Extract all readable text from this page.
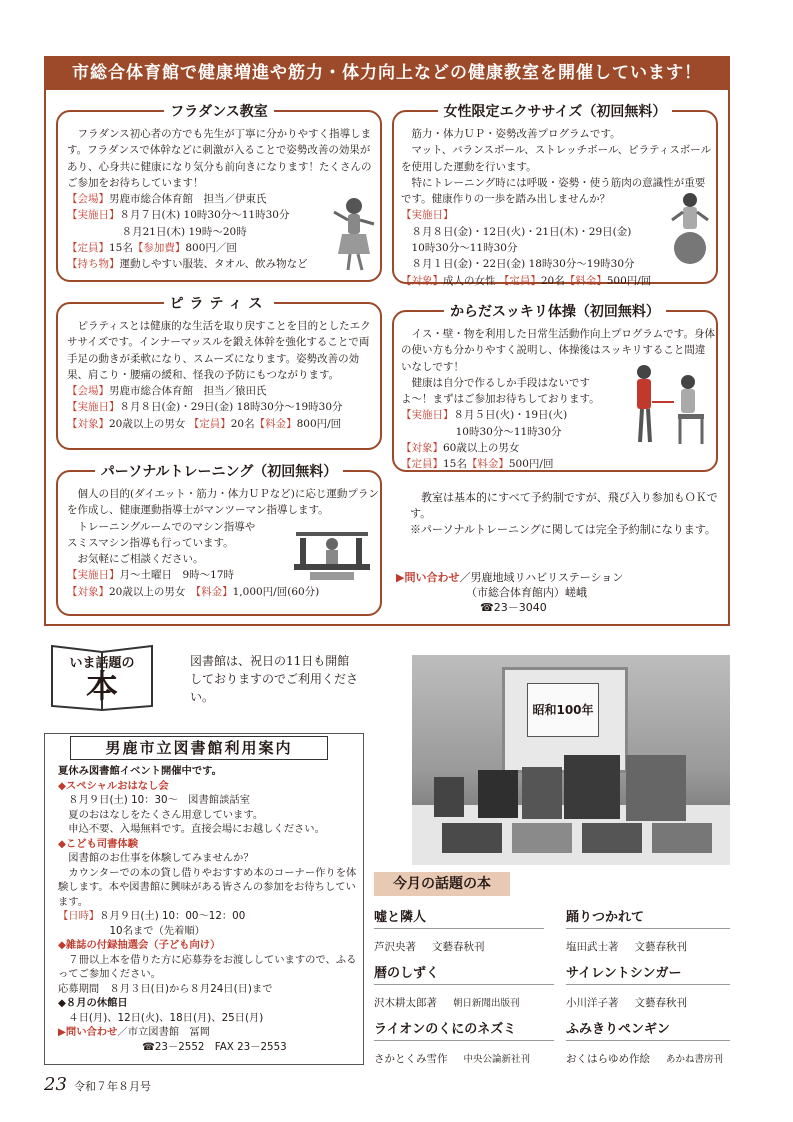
市総合体育館で健康増進や筋力・体力向上などの健康教室を開催しています！
フラダンス教室

フラダンス初心者の方でも先生が丁寧に分かりやすく指導します。フラダンスで体幹などに刺激が入ることで姿勢改善の効果があり、心身共に健康になり気分も前向きになります！たくさんのご参加をお待ちしています！

【会場】男鹿市総合体育館　担当／伊東氏

【実施日】８月７日(木) 10時30分～11時30分

８月21日(木) 19時～20時

【定員】15名【参加費】800円／回

【持ち物】運動しやすい服装、タオル、飲み物など

ピラティス

ピラティスとは健康的な生活を取り戻すことを目的としたエクササイズです。インナーマッスルを鍛え体幹を強化することで両手足の動きが柔軟になり、スムーズになります。姿勢改善の効果、肩こり・腰痛の緩和、怪我の予防にもつながります。

【会場】男鹿市総合体育館　担当／猿田氏

【実施日】８月８日(金)・29日(金) 18時30分～19時30分

【対象】20歳以上の男女 【定員】20名【料金】800円/回

パーソナルトレーニング（初回無料）

個人の目的(ダイエット・筋力・体力ＵＰなど)に応じ運動プランを作成し、健康運動指導士がマンツーマン指導します。

トレーニングルームでのマシン指導や

スミスマシン指導も行っています。

お気軽にご相談ください。

【実施日】月～土曜日　9時～17時

【対象】20歳以上の男女　 【料金】1,000円/回(60分)

女性限定エクササイズ（初回無料）

筋力・体力ＵＰ・姿勢改善プログラムです。

マット、バランスボール、ストレッチボール、ピラティスボールを使用した運動を行います。

特にトレーニング時には呼吸・姿勢・使う筋肉の意識性が重要です。健康作りの一歩を踏み出しませんか？

【実施日】

８月８日(金)・12日(火)・21日(木)・29日(金)

10時30分～11時30分

８月１日(金)・22日(金) 18時30分～19時30分

【対象】成人の女性 【定員】20名【料金】500円/回

からだスッキリ体操（初回無料）

イス・壁・物を利用した日常生活動作向上プログラムです。身体の使い方も分かりやすく説明し、体操後はスッキリすること間違いなしです！

健康は自分で作るしか手段はないです

よ～！まずはご参加お待ちしております。

【実施日】８月５日(火)・19日(火)

10時30分～11時30分

【対象】60歳以上の男女

【定員】15名【料金】500円/回

教室は基本的にすべて予約制ですが、飛び入り参加もＯＫです。

※パーソナルトレーニングに関しては完全予約制になります。

▶問い合わせ／男鹿地域リハビリステーション
（市総合体育館内）嵯峨
☎23－3040
いま話題の
本
図書館は、祝日の11日も開館しておりますのでご利用ください。
男鹿市立図書館利用案内

夏休み図書館イベント開催中です。

◆スペシャルおはなし会

８月９日(土) 10：30～　図書館談話室

夏のおはなしをたくさん用意しています。

申込不要、入場無料です。直接会場にお越しください。

◆こども司書体験

図書館のお仕事を体験してみませんか？

カウンターでの本の貸し借りやおすすめ本のコーナー作りを体験します。本や図書館に興味がある皆さんの参加をお待ちしています。

【日時】８月９日(土) 10：00～12：00

10名まで（先着順）

◆雑誌の付録抽選会（子ども向け）

７冊以上本を借りた方に応募券をお渡ししていますので、ふるってご参加ください。

応募期間　８月３日(日)から８月24日(日)まで

◆８月の休館日

４日(月)、12日(火)、18日(月)、25日(月)

▶問い合わせ／市立図書館　冨岡

☎23－2552　FAX 23－2553

昭和100年
今月の話題の本
嘘と隣人
芦沢央著　 文藝春秋刊
踊りつかれて
塩田武士著　 文藝春秋刊
暦のしずく
沢木耕太郎著　 朝日新聞出版刊
サイレントシンガー
小川洋子著　 文藝春秋刊
ライオンのくにのネズミ
さかとくみ雪作　 中央公論新社刊
ふみきりペンギン
おくはらゆめ作絵　 あかね書房刊
23 令和７年８月号
